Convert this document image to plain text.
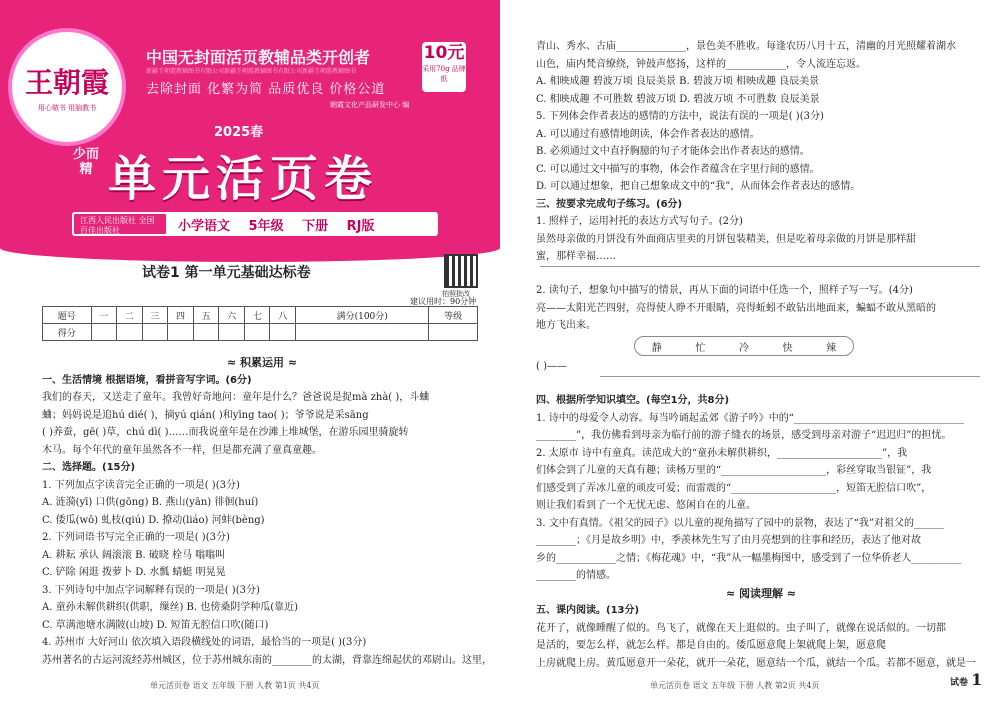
王朝霞
用心做书 用脑教书
中国无封面活页教辅品类开创者
新疆王朝霞教辅图书有限公司新疆王朝霞教辅图书有限公司新疆王朝霞教辅图书
去除封面 化繁为简 品质优良 价格公道
10元
采用70g 品牌纸
朝霞文化产品研发中心 编
2025春
少而精 单元活页卷
江西人民出版社 全国百佳出版社	小学语文 5年级 下册 RJ版
试卷1 第一单元基础达标卷
拍照批改
建议用时：90分钟
题号	一	二	三	四	五	六	七	八	满分(100分)	等级
得分										

≈ 积累运用 ≈

一、生活情境 根据语境，看拼音写字词。(6分)

我们的春天，又送走了童年。我曾好奇地问：童年是什么？爸爸说是捉mà zhà( )，斗蛐

蛐；妈妈说是追hú dié( )，摘yú qián( )和yīng tao( )；爷爷说是采sāng

( )养蚕，gē( )草，chú dì( )……而我说童年是在沙滩上堆城堡，在游乐园里骑旋转

木马。每个年代的童年虽然各不一样，但是都充满了童真童趣。

二、选择题。(15分)

1. 下列加点字读音完全正确的一项是( )(3分)

A. 涟漪(yī) 口供(gōng) B. 燕山(yān) 徘徊(huí)

C. 倭瓜(wō) 虬枝(qiú) D. 撩动(liáo) 河蚌(bèng)

2. 下列词语书写完全正确的一项是( )(3分)

A. 耕耘 承认 阔滚滚 B. 破晓 栓马 嗡嗡叫

C. 铲除 闲逛 拨萝卜 D. 水瓢 蜻蜓 明晃晃

3. 下列诗句中加点字词解释有误的一项是( )(3分)

A. 童孙未解供耕织(供职，缫丝) B. 也傍桑阴学种瓜(靠近)

C. 草满池塘水满陂(山坡) D. 短笛无腔信口吹(随口)

4. 苏州市 大好河山 依次填入语段横线处的词语，最恰当的一项是( )(3分)

苏州著名的古运河流经苏州城区，位于苏州城东南的________的太湖，背靠连绵起伏的邓尉山。这里，

单元活页卷 语文 五年级 下册 人教 第1页 共4页

青山、秀水、古庙______________，景色美不胜收。每逢农历八月十五，清幽的月光照耀着湖水

山色，庙内梵音缭绕，钟鼓声悠扬，这样的____________，令人流连忘返。

A. 相映成趣 碧波万顷 良辰美景 B. 碧波万顷 相映成趣 良辰美景

C. 相映成趣 不可胜数 碧波万顷 D. 碧波万顷 不可胜数 良辰美景

5. 下列体会作者表达的感情的方法中，说法有误的一项是( )(3分)

A. 可以通过有感情地朗读，体会作者表达的感情。

B. 必须通过文中直抒胸臆的句子才能体会出作者表达的感情。

C. 可以通过文中描写的事物，体会作者蕴含在字里行间的感情。

D. 可以通过想象，把自己想象成文中的“我”，从而体会作者表达的感情。

三、按要求完成句子练习。(6分)

1. 照样子，运用衬托的表达方式写句子。(2分)

虽然母亲做的月饼没有外面商店里卖的月饼包装精美，但是吃着母亲做的月饼是那样甜

蜜，那样幸福……

2. 读句子，想象句中描写的情景，再从下面的词语中任选一个，照样子写一写。(4分)

亮——太阳光芒四射，亮得使人睁不开眼睛，亮得蚯蚓不敢钻出地面来，蝙蝠不敢从黑暗的

地方飞出来。

静	忙	冷	快	辣

( )——

四、根据所学知识填空。(每空1分，共8分)

1. 诗中的母爱令人动容。每当吟诵起孟郊《游子吟》中的“__________________________________

________”，我仿佛看到母亲为临行前的游子缝衣的场景，感受到母亲对游子“迟迟归”的担忧。

2. 太原市 诗中有童真。读范成大的“童孙未解供耕织，_____________________”，我

们体会到了儿童的天真有趣；读杨万里的“_____________________，彩丝穿取当银钲”，我

们感受到了弄冰儿童的顽皮可爱；而雷震的“_____________________，短笛无腔信口吹”，

则让我们看到了一个无忧无虑、悠闲自在的儿童。

3. 文中有真情。《祖父的园子》以儿童的视角描写了园中的景物，表达了“我”对祖父的______

________；《月是故乡明》中，季羡林先生写了由月亮想到的往事和经历，表达了他对故

乡的____________之情；《梅花魂》中，“我”从一幅墨梅图中，感受到了一位华侨老人__________

________的情感。

≈ 阅读理解 ≈

五、课内阅读。(13分)

花开了，就像睡醒了似的。鸟飞了，就像在天上逛似的。虫子叫了，就像在说话似的。一切都

是活的，要怎么样，就怎么样。都是自由的。倭瓜愿意爬上架就爬上架，愿意爬

上房就爬上房。黄瓜愿意开一朵花，就开一朵花，愿意结一个瓜，就结一个瓜。若都不愿意，就是一

单元活页卷 语文 五年级 下册 人教 第2页 共4页	试卷 1
